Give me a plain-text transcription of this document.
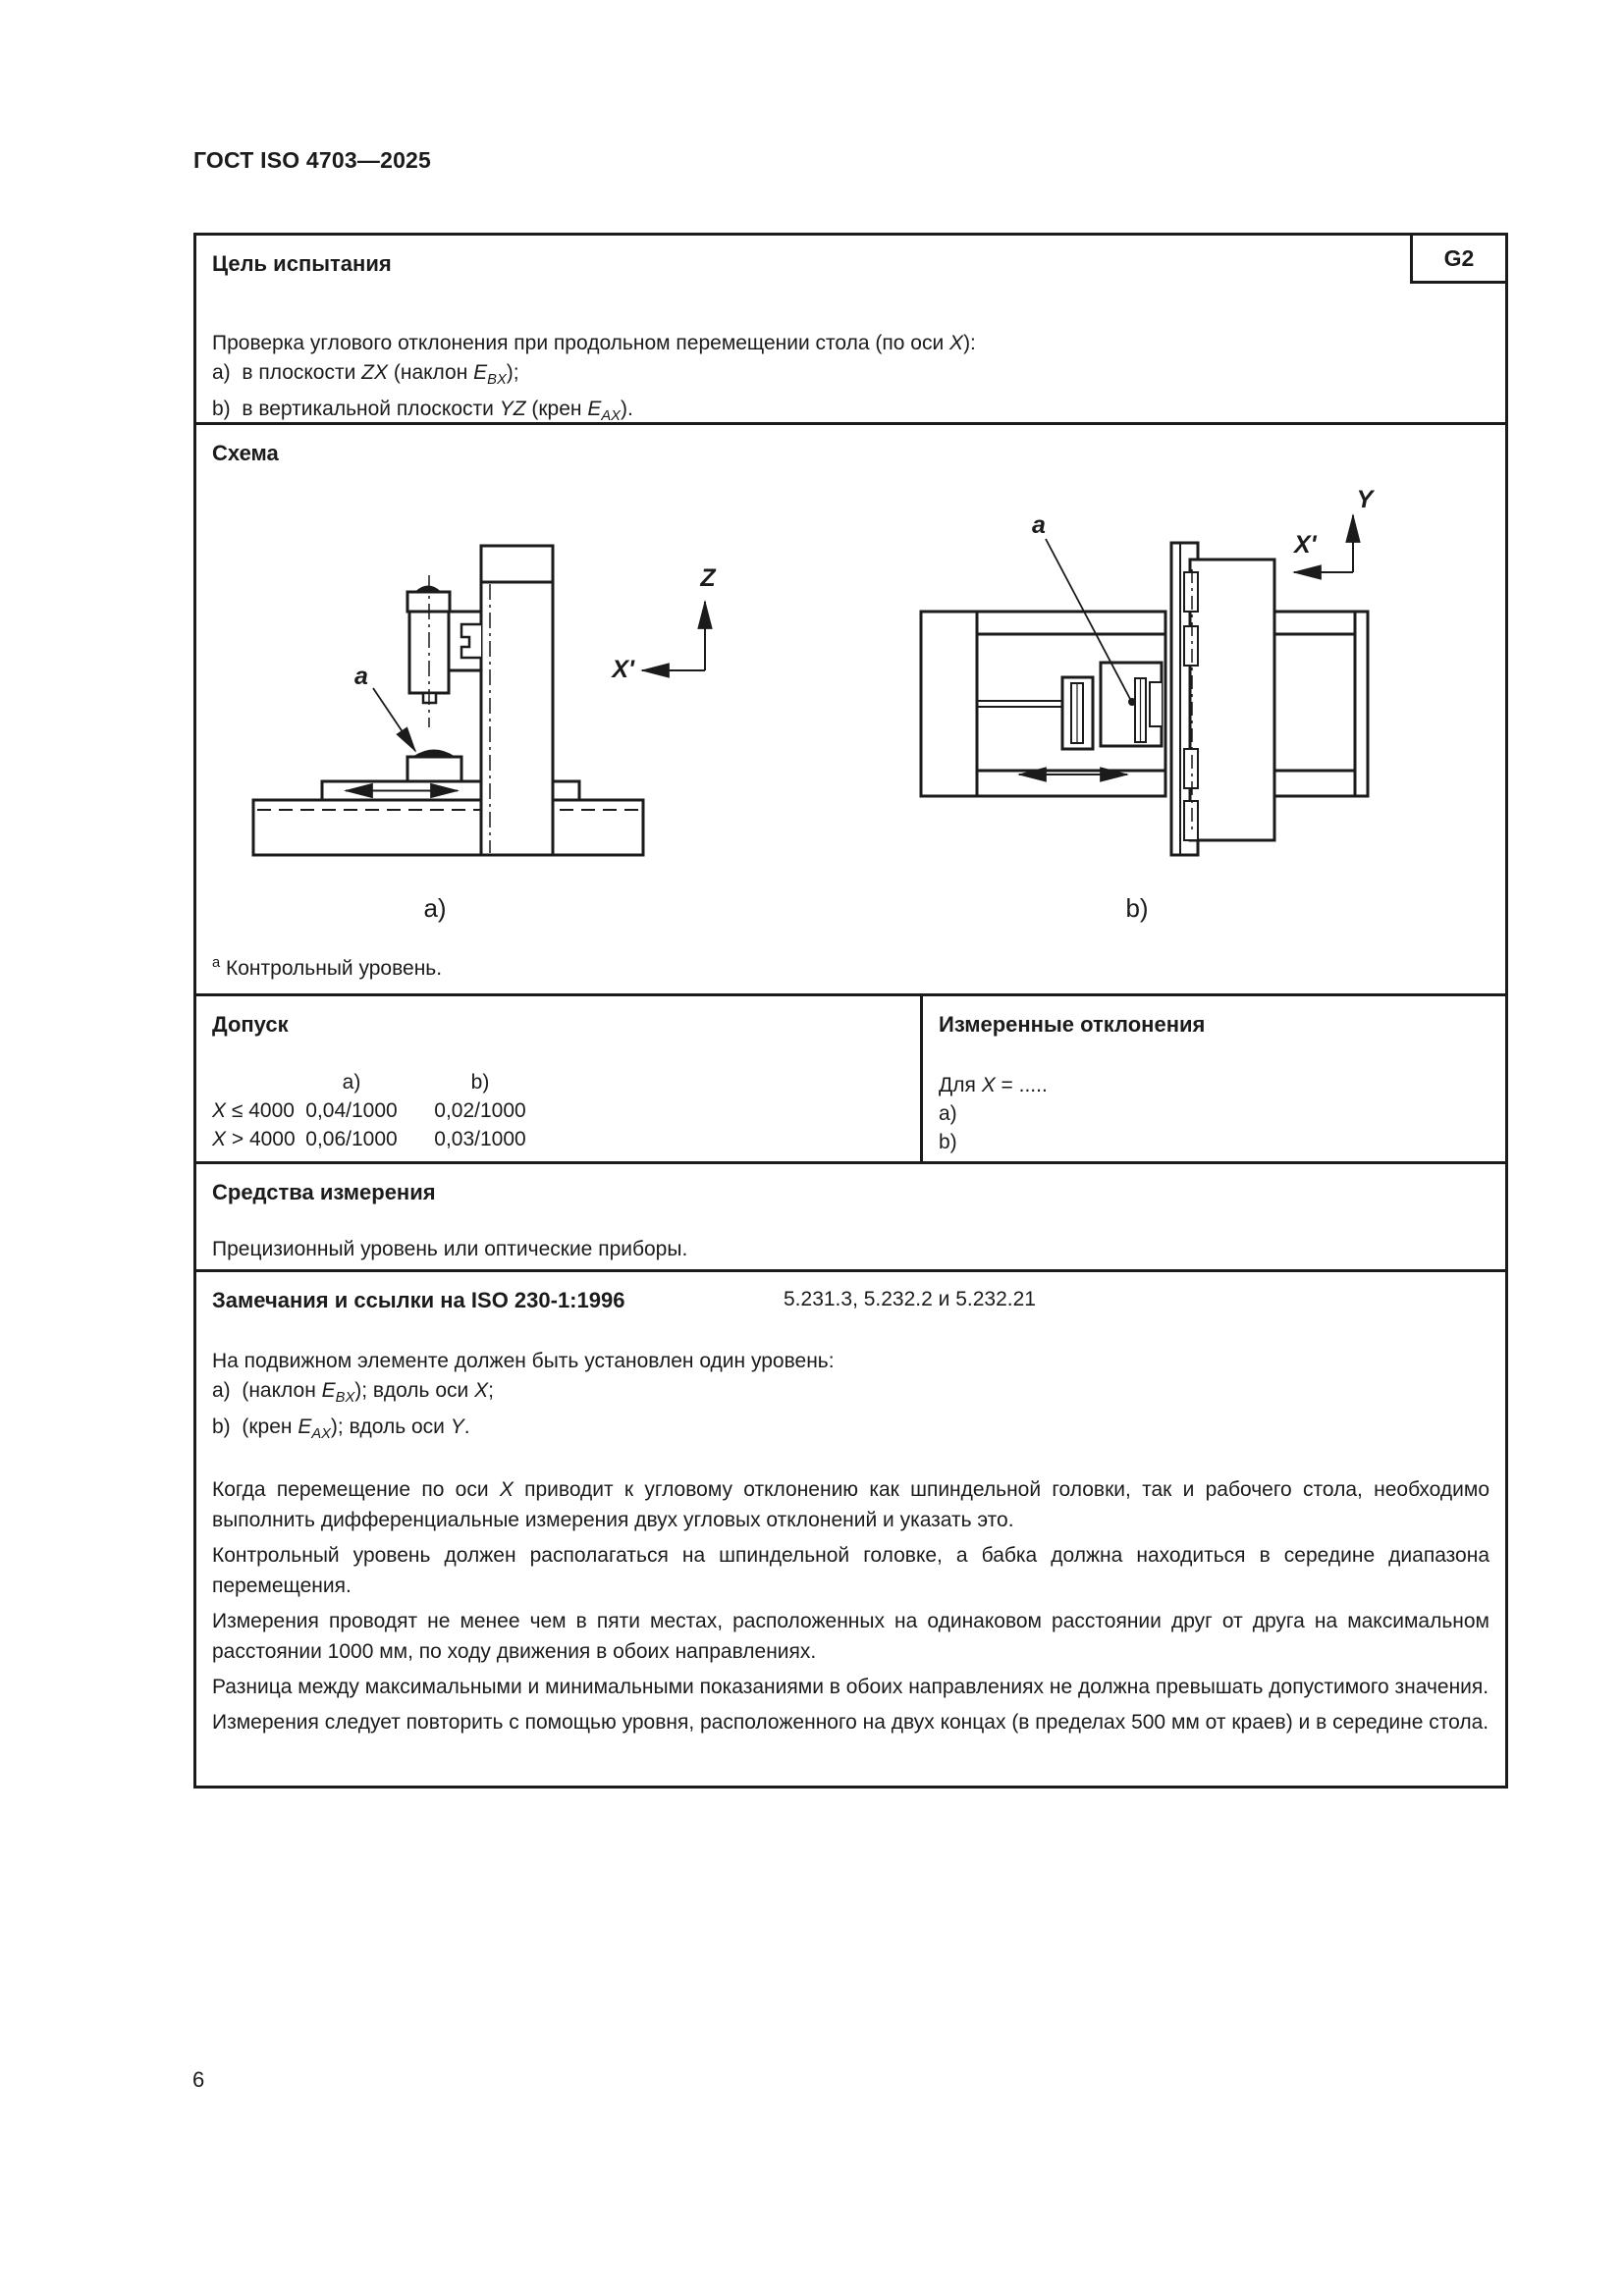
ГОСТ ISO 4703—2025
G2
Цель испытания
Проверка углового отклонения при продольном перемещении стола (по оси X):
a)  в плоскости ZX (наклон $E_{BX}$);
b)  в вертикальной плоскости YZ (крен $E_{AX}$).
a
Z
X'
a)
a
Y
X'
b)
Схема
$^a$ Контрольный уровень.
Допуск
a)	b)
X ≤ 4000 0,04/1000	0,02/1000
X > 4000 0,06/1000	0,03/1000
Измеренные отклонения
Для X = .....
a)
b)
Средства измерения
Прецизионный уровень или оптические приборы.
Замечания и ссылки на ISO 230-1:1996	5.231.3, 5.232.2 и 5.232.21
На подвижном элементе должен быть установлен один уровень:
a)  (наклон $E_{BX}$); вдоль оси X;
b)  (крен $E_{AX}$); вдоль оси Y.

Когда перемещение по оси X приводит к угловому отклонению как шпиндельной головки, так и рабочего стола, необходимо выполнить дифференциальные измерения двух угловых отклонений и указать это.

Контрольный уровень должен располагаться на шпиндельной головке, а бабка должна находиться в середине диапазона перемещения.

Измерения проводят не менее чем в пяти местах, расположенных на одинаковом расстоянии друг от друга на максимальном расстоянии 1000 мм, по ходу движения в обоих направлениях.

Разница между максимальными и минимальными показаниями в обоих направлениях не должна превышать допустимого значения.

Измерения следует повторить с помощью уровня, расположенного на двух концах (в пределах 500 мм от краев) и в середине стола.

6
